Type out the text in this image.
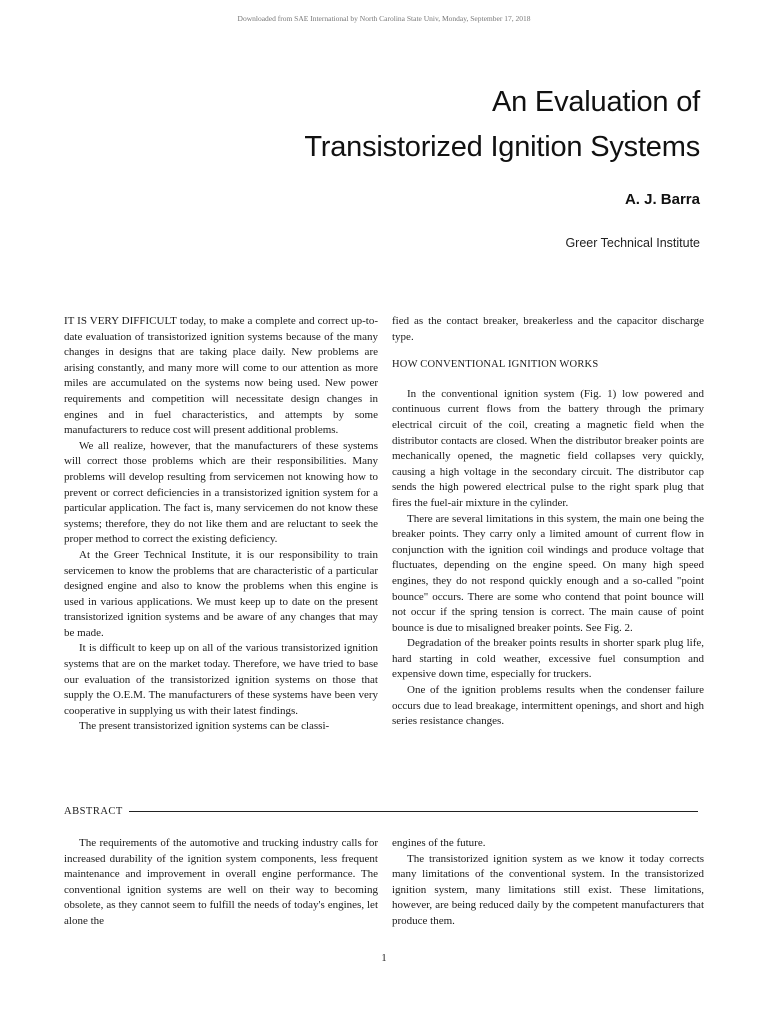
Downloaded from SAE International by North Carolina State Univ, Monday, September 17, 2018
An Evaluation of
Transistorized Ignition Systems
A. J. Barra
Greer Technical Institute

IT IS VERY DIFFICULT today, to make a complete and correct up-to-date evaluation of transistorized ignition systems because of the many changes in designs that are taking place daily. New problems are arising constantly, and many more will come to our attention as more miles are accumulated on the systems now being used. New power requirements and competition will necessitate design changes in engines and in fuel characteristics, and attempts by some manufacturers to reduce cost will present additional problems.

We all realize, however, that the manufacturers of these systems will correct those problems which are their responsibilities. Many problems will develop resulting from servicemen not knowing how to prevent or correct deficiencies in a transistorized ignition system for a particular application. The fact is, many servicemen do not know these systems; therefore, they do not like them and are reluctant to seek the proper method to correct the existing deficiency.

At the Greer Technical Institute, it is our responsibility to train servicemen to know the problems that are characteristic of a particular designed engine and also to know the problems when this engine is used in various applications. We must keep up to date on the present transistorized ignition systems and be aware of any changes that may be made.

It is difficult to keep up on all of the various transistorized ignition systems that are on the market today. Therefore, we have tried to base our evaluation of the transistorized ignition systems on those that supply the O.E.M. The manufacturers of these systems have been very cooperative in supplying us with their latest findings.

The present transistorized ignition systems can be classi-

fied as the contact breaker, breakerless and the capacitor discharge type.

HOW CONVENTIONAL IGNITION WORKS

In the conventional ignition system (Fig. 1) low powered and continuous current flows from the battery through the primary electrical circuit of the coil, creating a magnetic field when the distributor contacts are closed. When the distributor breaker points are mechanically opened, the magnetic field collapses very quickly, causing a high voltage in the secondary circuit. The distributor cap sends the high powered electrical pulse to the right spark plug that fires the fuel-air mixture in the cylinder.

There are several limitations in this system, the main one being the breaker points. They carry only a limited amount of current flow in conjunction with the ignition coil windings and produce voltage that fluctuates, depending on the engine speed. On many high speed engines, they do not respond quickly enough and a so-called "point bounce" occurs. There are some who contend that point bounce will not occur if the spring tension is correct. The main cause of point bounce is due to misaligned breaker points. See Fig. 2.

Degradation of the breaker points results in shorter spark plug life, hard starting in cold weather, excessive fuel consumption and expensive down time, especially for truckers.

One of the ignition problems results when the condenser failure occurs due to lead breakage, intermittent openings, and short and high series resistance changes.

ABSTRACT

The requirements of the automotive and trucking industry calls for increased durability of the ignition system components, less frequent maintenance and improvement in overall engine performance. The conventional ignition systems are well on their way to becoming obsolete, as they cannot seem to fulfill the needs of today's engines, let alone the

engines of the future.

The transistorized ignition system as we know it today corrects many limitations of the conventional system. In the transistorized ignition system, many limitations still exist. These limitations, however, are being reduced daily by the competent manufacturers that produce them.

1
